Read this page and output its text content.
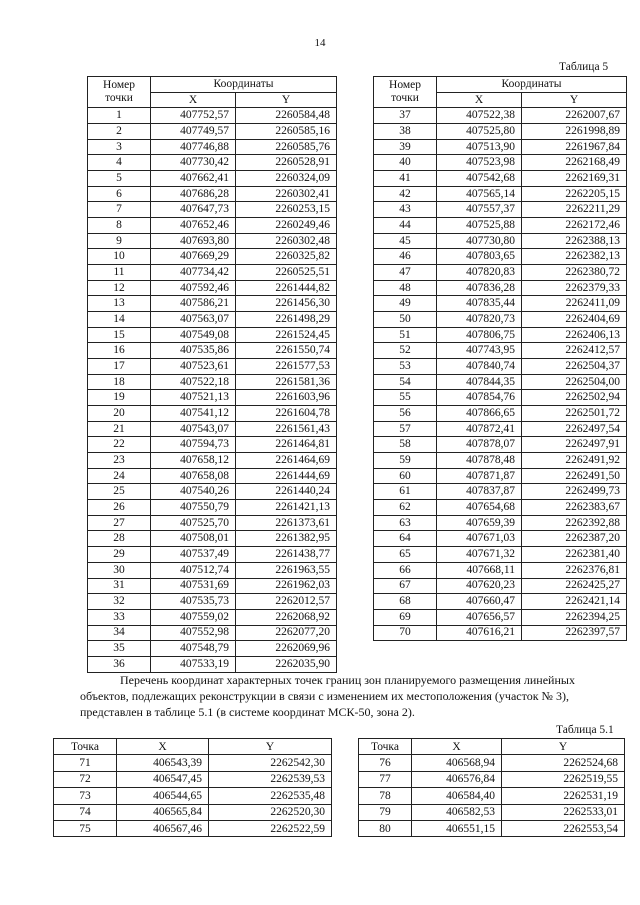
14
Таблица 5
Номер
точки	Координаты	
	X	Y
1	407752,57	2260584,48
2	407749,57	2260585,16
3	407746,88	2260585,76
4	407730,42	2260528,91
5	407662,41	2260324,09
6	407686,28	2260302,41
7	407647,73	2260253,15
8	407652,46	2260249,46
9	407693,80	2260302,48
10	407669,29	2260325,82
11	407734,42	2260525,51
12	407592,46	2261444,82
13	407586,21	2261456,30
14	407563,07	2261498,29
15	407549,08	2261524,45
16	407535,86	2261550,74
17	407523,61	2261577,53
18	407522,18	2261581,36
19	407521,13	2261603,96
20	407541,12	2261604,78
21	407543,07	2261561,43
22	407594,73	2261464,81
23	407658,12	2261464,69
24	407658,08	2261444,69
25	407540,26	2261440,24
26	407550,79	2261421,13
27	407525,70	2261373,61
28	407508,01	2261382,95
29	407537,49	2261438,77
30	407512,74	2261963,55
31	407531,69	2261962,03
32	407535,73	2262012,57
33	407559,02	2262068,92
34	407552,98	2262077,20
35	407548,79	2262069,96
36	407533,19	2262035,90
Номер
точки	Координаты	
	X	Y
37	407522,38	2262007,67
38	407525,80	2261998,89
39	407513,90	2261967,84
40	407523,98	2262168,49
41	407542,68	2262169,31
42	407565,14	2262205,15
43	407557,37	2262211,29
44	407525,88	2262172,46
45	407730,80	2262388,13
46	407803,65	2262382,13
47	407820,83	2262380,72
48	407836,28	2262379,33
49	407835,44	2262411,09
50	407820,73	2262404,69
51	407806,75	2262406,13
52	407743,95	2262412,57
53	407840,74	2262504,37
54	407844,35	2262504,00
55	407854,76	2262502,94
56	407866,65	2262501,72
57	407872,41	2262497,54
58	407878,07	2262497,91
59	407878,48	2262491,92
60	407871,87	2262491,50
61	407837,87	2262499,73
62	407654,68	2262383,67
63	407659,39	2262392,88
64	407671,03	2262387,20
65	407671,32	2262381,40
66	407668,11	2262376,81
67	407620,23	2262425,27
68	407660,47	2262421,14
69	407656,57	2262394,25
70	407616,21	2262397,57
Перечень координат характерных точек границ зон планируемого размещения линейных
объектов, подлежащих реконструкции в связи с изменением их местоположения (участок № 3),
представлен в таблице 5.1 (в системе координат МСК-50, зона 2).
Таблица 5.1
Точка	X	Y
71	406543,39	2262542,30
72	406547,45	2262539,53
73	406544,65	2262535,48
74	406565,84	2262520,30
75	406567,46	2262522,59
Точка	X	Y
76	406568,94	2262524,68
77	406576,84	2262519,55
78	406584,40	2262531,19
79	406582,53	2262533,01
80	406551,15	2262553,54
